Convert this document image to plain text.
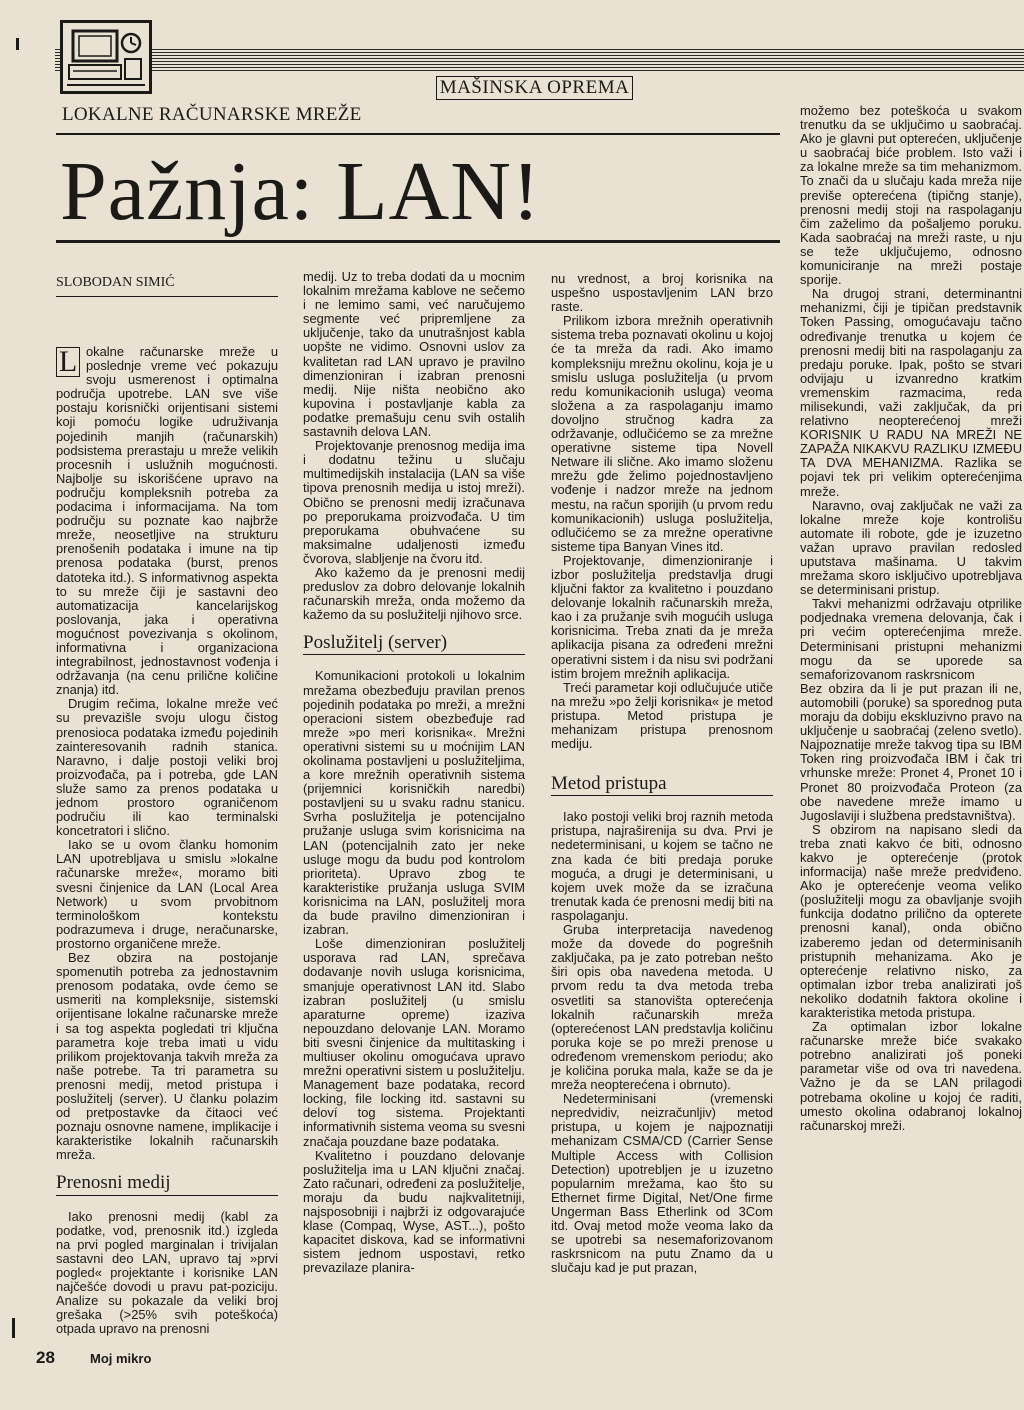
MAŠINSKA OPREMA
LOKALNE RAČUNARSKE MREŽE
Pažnja: LAN!
SLOBODAN SIMIĆ

L okalne računarske mreže u poslednje vreme već pokazuju svoju usmerenost i optimalna područja upotrebe. LAN sve više postaju korisnički orijentisani sistemi koji pomoću logike udruživanja pojedinih manjih (računarskih) podsistema prerastaju u mreže velikih procesnih i uslužnih mogućnosti. Najbolje su iskorišćene upravo na području kompleksnih potreba za podacima i informacijama. Na tom području su poznate kao najbrže mreže, neosetljive na strukturu prenošenih podataka i imune na tip prenosa podataka (burst, prenos datoteka itd.). S informativnog aspekta to su mreže čiji je sastavni deo automatizacija kancelarijskog poslovanja, jaka i operativna mogućnost povezivanja s okolinom, informativna i organizaciona integrabilnost, jednostavnost vođenja i održavanja (na cenu prilične količine znanja) itd.

Drugim rečima, lokalne mreže već su prevazišle svoju ulogu čistog prenosioca podataka između pojedinih zainteresovanih radnih stanica. Naravno, i dalje postoji veliki broj proizvođača, pa i potreba, gde LAN služe samo za prenos podataka u jednom prostoro ograničenom područiu ili kao terminalski koncetratori i slično.

Iako se u ovom članku homonim LAN upotrebljava u smislu »lokalne računarske mreže«, moramo biti svesni činjenice da LAN (Local Area Network) u svom prvobitnom terminološkom kontekstu podrazumeva i druge, neračunarske, prostorno organičene mreže.

Bez obzira na postojanje spomenutih potreba za jednostavnim prenosom podataka, ovde ćemo se usmeriti na kompleksnije, sistemski orijentisane lokalne računarske mreže i sa tog aspekta pogledati tri ključna parametra koje treba imati u vidu prilikom projektovanja takvih mreža za naše potrebe. Ta tri parametra su prenosni medij, metod pristupa i poslužitelj (server). U članku polazim od pretpostavke da čitaoci već poznaju osnovne namene, implikacije i karakteristike lokalnih računarskih mreža.

Prenosni medij

Iako prenosni medij (kabl za podatke, vod, prenosnik itd.) izgleda na prvi pogled marginalan i trivijalan sastavni deo LAN, upravo taj »prvi pogled« projektante i korisnike LAN najčešće dovodi u pravu pat-poziciju. Analize su pokazale da veliki broj grešaka (>25% svih poteškoća) otpada upravo na prenosni

medij. Uz to treba dodati da u mocnim lokalnim mrežama kablove ne sečemo i ne lemimo sami, već naručujemo segmente već pripremljene za uključenje, tako da unutrašnjost kabla uopšte ne vidimo. Osnovni uslov za kvalitetan rad LAN upravo je pravilno dimenzioniran i izabran prenosni medij. Nije ništa neobično ako kupovina i postavljanje kabla za podatke premašuju cenu svih ostalih sastavnih delova LAN.

Projektovanje prenosnog medija ima i dodatnu težinu u slučaju multimedijskih instalacija (LAN sa više tipova prenosnih medija u istoj mreži). Obično se prenosni medij izračunava po preporukama proizvođača. U tim preporukama obuhvaćene su maksimalne udaljenosti između čvorova, slabljenje na čvoru itd.

Ako kažemo da je prenosni medij preduslov za dobro delovanje lokalnih računarskih mreža, onda možemo da kažemo da su poslužitelji njihovo srce.

Poslužitelj (server)

Komunikacioni protokoli u lokalnim mrežama obezbeđuju pravilan prenos pojedinih podataka po mreži, a mrežni operacioni sistem obezbeđuje rad mreže »po meri korisnika«. Mrežni operativni sistemi su u moćnijim LAN okolinama postavljeni u poslužiteljima, a kore mrežnih operativnih sistema (prijemnici korisničkih naredbi) postavljeni su u svaku radnu stanicu. Svrha poslužitelja je potencijalno pružanje usluga svim korisnicima na LAN (potencijalnih zato jer neke usluge mogu da budu pod kontrolom prioriteta). Upravo zbog te karakteristike pružanja usluga SVIM korisnicima na LAN, poslužitelj mora da bude pravilno dimenzioniran i izabran.

Loše dimenzioniran poslužitelj usporava rad LAN, sprečava dodavanje novih usluga korisnicima, smanjuje operativnost LAN itd. Slabo izabran poslužitelj (u smislu aparaturne opreme) izaziva nepouzdano delovanje LAN. Moramo biti svesni činjenice da multitasking i multiuser okolinu omogućava upravo mrežni operativni sistem u poslužitelju. Management baze podataka, record locking, file locking itd. sastavni su deloví tog sistema. Projektanti informativnih sistema veoma su svesni značaja pouzdane baze podataka.

Kvalitetno i pouzdano delovanje poslužitelja ima u LAN ključni značaj. Zato računari, određeni za poslužitelje, moraju da budu najkvalitetniji, najsposobniji i najbrži iz odgovarajuće klase (Compaq, Wyse, AST...), pošto kapacitet diskova, kad se informativni sistem jednom uspostavi, retko prevazilaze planira-

nu vrednost, a broj korisnika na uspešno uspostavljenim LAN brzo raste.

Prilikom izbora mrežnih operativnih sistema treba poznavati okolinu u kojoj će ta mreža da radi. Ako imamo kompleksniju mrežnu okolinu, koja je u smislu usluga poslužitelja (u prvom redu komunikacionih usluga) veoma složena a za raspolaganju imamo dovoljno stručnog kadra za održavanje, odlučićemo se za mrežne operativne sisteme tipa Novell Netware ili slične. Ako imamo složenu mrežu gde želimo pojednostavljeno vođenje i nadzor mreže na jednom mestu, na račun sporijih (u prvom redu komunikacionih) usluga poslužitelja, odlučićemo se za mrežne operativne sisteme tipa Banyan Vines itd.

Projektovanje, dimenzioniranje i izbor poslužitelja predstavlja drugi ključni faktor za kvalitetno i pouzdano delovanje lokalnih računarskih mreža, kao i za pružanje svih mogućih usluga korisnicima. Treba znati da je mreža aplikacija pisana za određeni mrežni operativni sistem i da nisu svi podržani istim brojem mrežnih aplikacija.

Treći parametar koji odlučujuće utiče na mrežu »po želji korisnika« je metod pristupa. Metod pristupa je mehanizam pristupa prenosnom mediju.

Metod pristupa

Iako postoji veliki broj raznih metoda pristupa, najraširenija su dva. Prvi je nedeterminisani, u kojem se tačno ne zna kada će biti predaja poruke moguća, a drugi je determinisani, u kojem uvek može da se izračuna trenutak kada će prenosni medij biti na raspolaganju.

Gruba interpretacija navedenog može da dovede do pogrešnih zaključaka, pa je zato potreban nešto širi opis oba navedena metoda. U prvom redu ta dva metoda treba osvetliti sa stanovišta opterećenja lokalnih računarskih mreža (opterećenost LAN predstavlja količinu poruka koje se po mreži prenose u određenom vremenskom periodu; ako je količina poruka mala, kaže se da je mreža neopterećena i obrnuto).

Nedeterminisani (vremenski nepredvidiv, neizračunljiv) metod pristupa, u kojem je najpoznatiji mehanizam CSMA/CD (Carrier Sense Multiple Access with Collision Detection) upotrebljen je u izuzetno popularnim mrežama, kao što su Ethernet firme Digital, Net/One firme Ungerman Bass Etherlink od 3Com itd. Ovaj metod može veoma lako da se upotrebi sa nesemaforizovanom raskrsnicom na putu Znamo da u slučaju kad je put prazan,

možemo bez poteškoća u svakom trenutku da se uključimo u saobraćaj. Ako je glavni put opterećen, uključenje u saobraćaj biće problem. Isto važi i za lokalne mreže sa tim mehanizmom. To znači da u slučaju kada mreža nije previše opterećena (tipičng stanje), prenosni medij stoji na raspolaganju čim zaželimo da pošaljemo poruku. Kada saobraćaj na mreži raste, u nju se teže uključujemo, odnosno komuniciranje na mreži postaje sporije.

Na drugoj strani, determinantni mehanizmi, čiji je tipičan predstavnik Token Passing, omogućavaju tačno određivanje trenutka u kojem će prenosni medij biti na raspolaganju za predaju poruke. Ipak, pošto se stvari odvijaju u izvanredno kratkim vremenskim razmacima, reda milisekundi, važi zaključak, da pri relativno neopterećenoj mreži KORISNIK U RADU NA MREŽI NE ZAPAŽA NIKAKVU RAZLIKU IZMEĐU TA DVA MEHANIZMA. Razlika se pojavi tek pri velikim opterećenjima mreže.

Naravno, ovaj zaključak ne važi za lokalne mreže koje kontrolišu automate ili robote, gde je izuzetno važan upravo pravilan redosled uputstava mašinama. U takvim mrežama skoro isključivo upotrebljava se determinisani pristup.

Takvi mehanizmi održavaju otprilike podjednaka vremena delovanja, čak i pri većim opterećenjima mreže. Determinisani pristupni mehanizmi mogu da se uporede sa semaforizovanom raskrsnicom

Bez obzira da li je put prazan ili ne, automobili (poruke) sa sporednog puta moraju da dobiju ekskluzivno pravo na uključenje u saobraćaj (zeleno svetlo). Najpoznatije mreže takvog tipa su IBM Token ring proizvođača IBM i čak tri vrhunske mreže: Pronet 4, Pronet 10 i Pronet 80 proizvođača Proteon (za obe navedene mreže imamo u Jugoslaviji i službena predstavništva).

S obzirom na napisano sledi da treba znati kakvo će biti, odnosno kakvo je opterećenje (protok informacija) naše mreže predviđeno. Ako je opterećenje veoma veliko (poslužitelji mogu za obavljanje svojih funkcija dodatno prilično da opterete prenosni kanal), onda obično izaberemo jedan od determinisanih pristupnih mehanizama. Ako je opterećenje relativno nisko, za optimalan izbor treba analizirati još nekoliko dodatnih faktora okoline i karakteristika metoda pristupa.

Za optimalan izbor lokalne računarske mreže biće svakako potrebno analizirati još poneki parametar više od ova tri navedena. Važno je da se LAN prilagodi potrebama okoline u kojoj će raditi, umesto okolina odabranoj lokalnoj računarskoj mreži.

28	Moj mikro
